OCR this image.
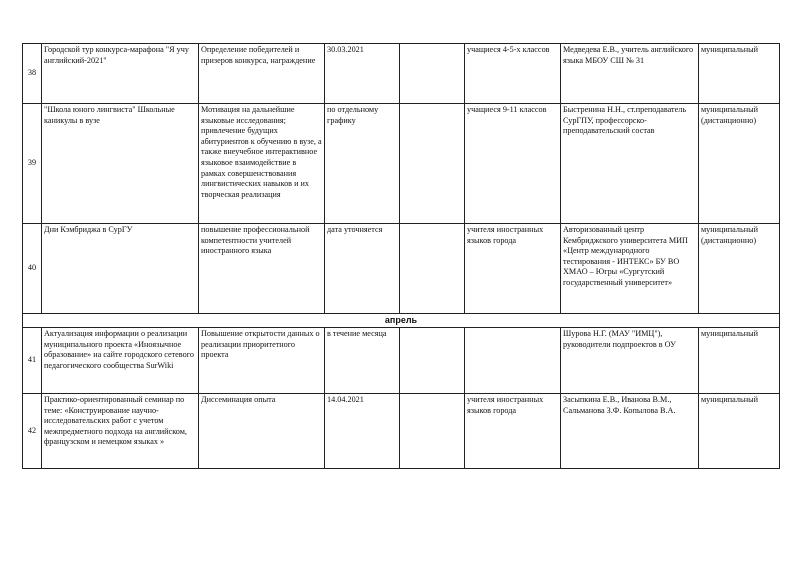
38	Городской тур конкурса-марафона "Я учу английский-2021"	Определение победителей и призеров конкурса, награждение	30.03.2021		учащиеся 4-5-х классов	Медведева Е.В., учитель английского языка МБОУ СШ № 31	муниципальный
39	"Школа юного лингвиста" Школьные каникулы в вузе	Мотивация на дальнейшие языковые исследования; привлечение будущих абитуриентов к обучению в вузе, а также внеучебное интерактивное языковое взаимодействие в рамках совершенствования лингвистических навыков и их творческая реализация	по отдельному графику		учащиеся 9-11 классов	Быстренина Н.Н., ст.преподаватель СурГПУ, профессорско-преподавательский состав	муниципальный (дистанционно)
40	Дни Кэмбриджа в СурГУ	повышение профессиональной компетентности учителей иностранного языка	дата уточняется		учителя иностранных языков города	Авторизованный центр Кембриджского университета МИП «Центр международного тестирования - ИНТЕКС» БУ ВО ХМАО – Югры «Сургутский государственный университет»	муниципальный (дистанционно)
апрель							
41	Актуализация информации о реализации муниципального проекта «Иноязычное образование» на сайте городского сетевого педагогического сообщества SurWiki	Повышение открытости данных о реализации приоритетного проекта	в течение месяца			Шурова Н.Г. (МАУ "ИМЦ"), руководители подпроектов в ОУ	муниципальный
42	Практико-ориентированный семинар по теме: «Конструирование научно-исследовательских работ с учетом межпредметного подхода на английском, французском и немецком языках »	Диссеминация опыта	14.04.2021		учителя иностранных языков города	Засыпкина Е.В., Иванова В.М., Сальманова З.Ф. Копылова В.А.	муниципальный
